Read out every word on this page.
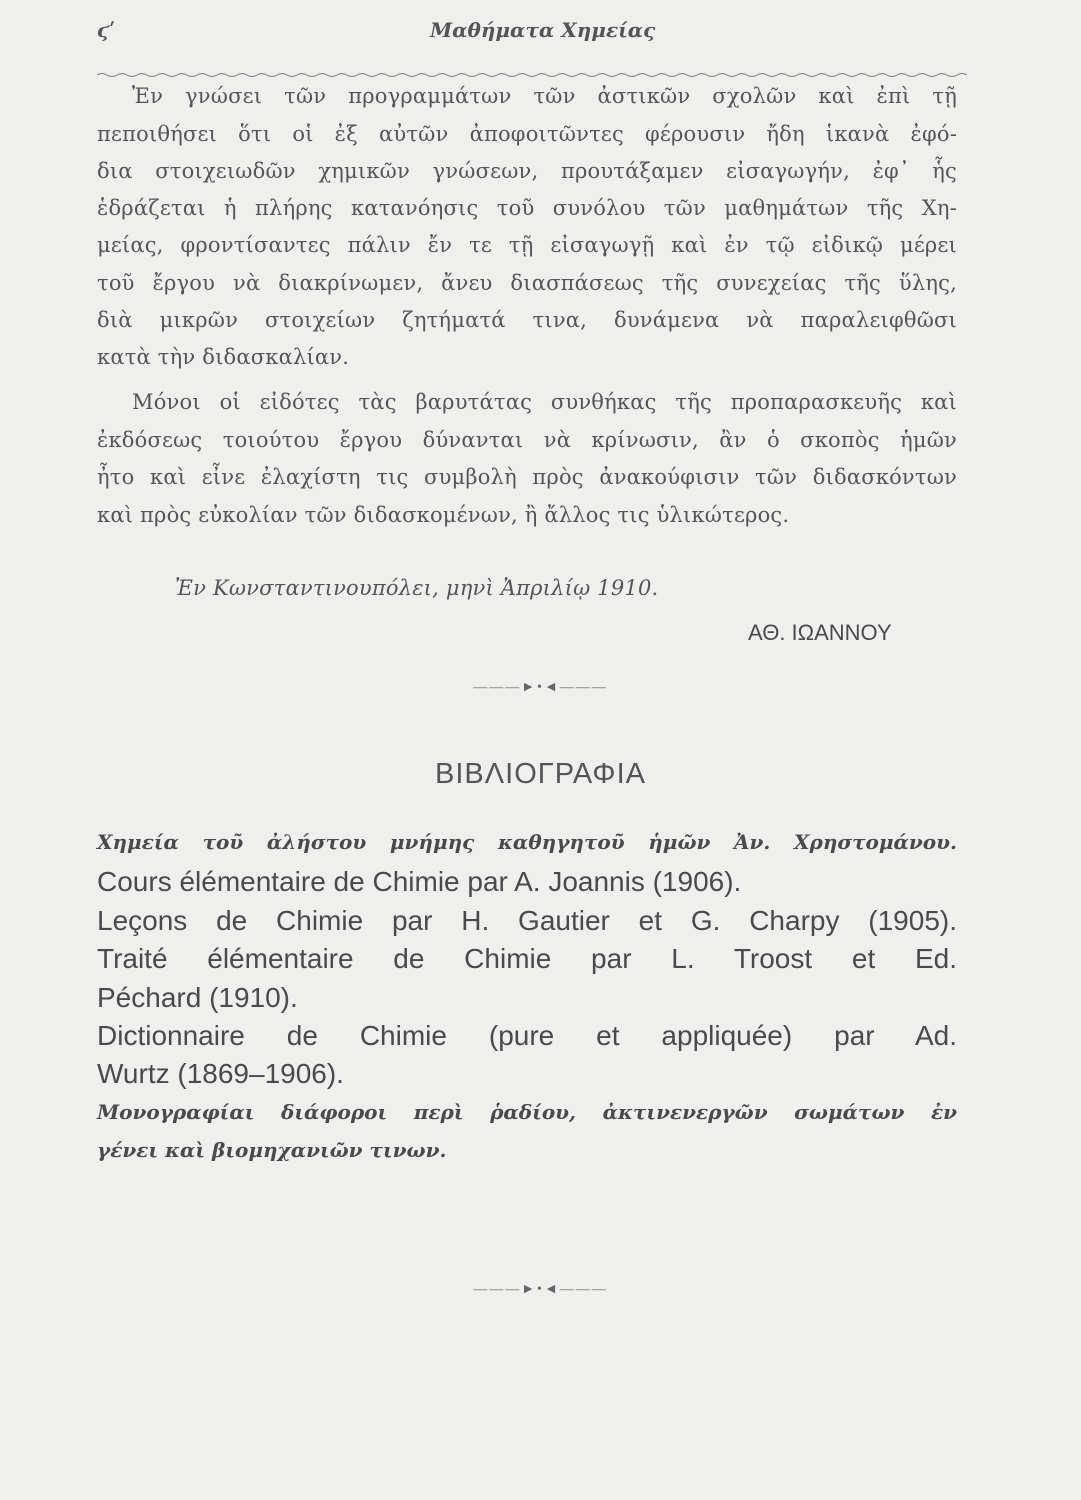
ϛʹ	Μαθήματα Χημείας
Ἐν γνώσει τῶν προγραμμάτων τῶν ἀστικῶν σχολῶν καὶ ἐπὶ τῇ
πεποιθήσει ὅτι οἱ ἐξ αὐτῶν ἀποφοιτῶντες φέρουσιν ἤδη ἱκανὰ ἐφό-
δια στοιχειωδῶν χημικῶν γνώσεων, προυτάξαμεν εἰσαγωγήν, ἐφ᾽ ἧς
ἑδράζεται ἡ πλήρης κατανόησις τοῦ συνόλου τῶν μαθημάτων τῆς Χη-
μείας, φροντίσαντες πάλιν ἔν τε τῇ εἰσαγωγῇ καὶ ἐν τῷ εἰδικῷ μέρει
τοῦ ἔργου νὰ διακρίνωμεν, ἄνευ διασπάσεως τῆς συνεχείας τῆς ὕλης,
διὰ μικρῶν στοιχείων ζητήματά τινα, δυνάμενα νὰ παραλειφθῶσι
κατὰ τὴν διδασκαλίαν.
Μόνοι οἱ εἰδότες τὰς βαρυτάτας συνθήκας τῆς προπαρασκευῆς καὶ
ἐκδόσεως τοιούτου ἔργου δύνανται νὰ κρίνωσιν, ἂν ὁ σκοπὸς ἡμῶν
ἦτο καὶ εἶνε ἐλαχίστη τις συμβολὴ πρὸς ἀνακούφισιν τῶν διδασκόντων
καὶ πρὸς εὐκολίαν τῶν διδασκομένων, ἢ ἄλλος τις ὑλικώτερος.
Ἐν Κωνσταντινουπόλει, μηνὶ Ἀπριλίῳ 1910.
ΑΘ. ΙΩΑΝΝΟΥ
———►•◄———
ΒΙΒΛΙΟΓΡΑΦΙΑ
Χημεία τοῦ ἀλήστου μνήμης καθηγητοῦ ἡμῶν Ἀν. Χρηστομάνου.
Cours élémentaire de Chimie par A. Joannis (1906).
Leçons de Chimie par H. Gautier et G. Charpy (1905).
Traité élémentaire de Chimie par L. Troost et Ed.
Péchard (1910).
Dictionnaire de Chimie (pure et appliquée) par Ad.
Wurtz (1869–1906).
Μονογραφίαι διάφοροι περὶ ῥαδίου, ἀκτινενεργῶν σωμάτων ἐν
γένει καὶ βιομηχανιῶν τινων.
———►•◄———
